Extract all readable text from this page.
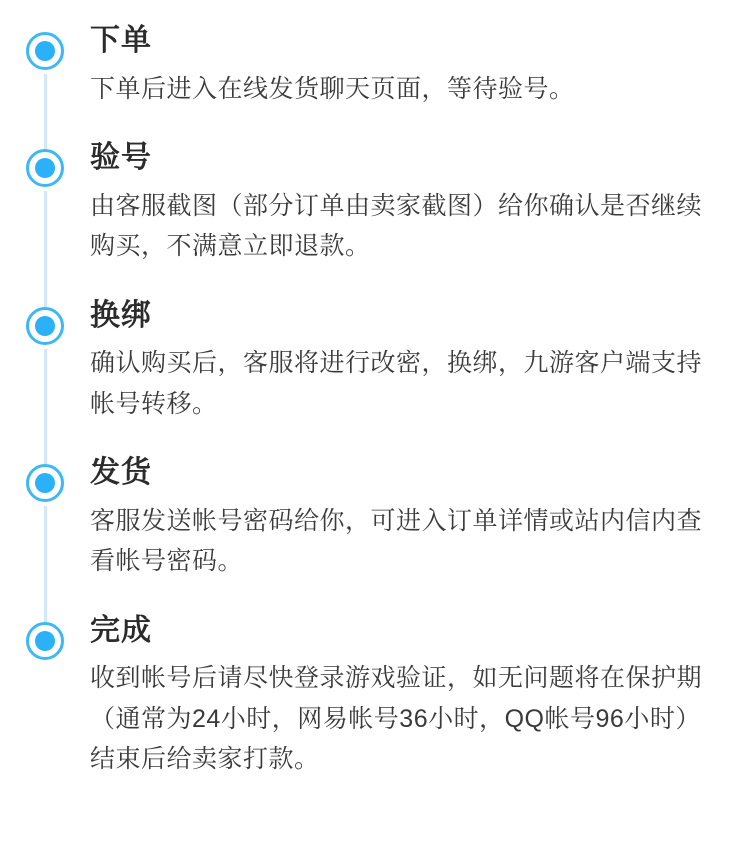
下单
下单后进入在线发货聊天页面，等待验号。
验号
由客服截图（部分订单由卖家截图）给你确认是否继续购买，不满意立即退款。
换绑
确认购买后，客服将进行改密，换绑，九游客户端支持帐号转移。
发货
客服发送帐号密码给你，可进入订单详情或站内信内查看帐号密码。
完成
收到帐号后请尽快登录游戏验证，如无问题将在保护期（通常为24小时，网易帐号36小时，QQ帐号96小时）结束后给卖家打款。
